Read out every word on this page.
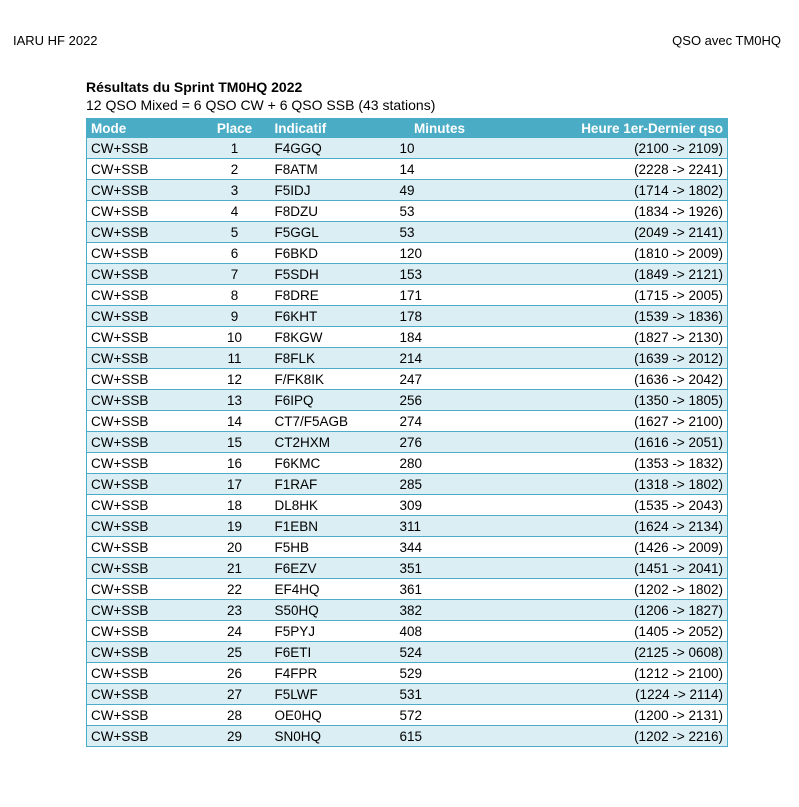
IARU HF 2022	QSO avec TM0HQ
Résultats du Sprint TM0HQ 2022
12 QSO Mixed = 6 QSO CW + 6 QSO SSB (43 stations)
Mode	Place	Indicatif	Minutes	Heure 1er-Dernier qso
CW+SSB	1	F4GGQ	10	(2100 -> 2109)
CW+SSB	2	F8ATM	14	(2228 -> 2241)
CW+SSB	3	F5IDJ	49	(1714 -> 1802)
CW+SSB	4	F8DZU	53	(1834 -> 1926)
CW+SSB	5	F5GGL	53	(2049 -> 2141)
CW+SSB	6	F6BKD	120	(1810 -> 2009)
CW+SSB	7	F5SDH	153	(1849 -> 2121)
CW+SSB	8	F8DRE	171	(1715 -> 2005)
CW+SSB	9	F6KHT	178	(1539 -> 1836)
CW+SSB	10	F8KGW	184	(1827 -> 2130)
CW+SSB	11	F8FLK	214	(1639 -> 2012)
CW+SSB	12	F/FK8IK	247	(1636 -> 2042)
CW+SSB	13	F6IPQ	256	(1350 -> 1805)
CW+SSB	14	CT7/F5AGB	274	(1627 -> 2100)
CW+SSB	15	CT2HXM	276	(1616 -> 2051)
CW+SSB	16	F6KMC	280	(1353 -> 1832)
CW+SSB	17	F1RAF	285	(1318 -> 1802)
CW+SSB	18	DL8HK	309	(1535 -> 2043)
CW+SSB	19	F1EBN	311	(1624 -> 2134)
CW+SSB	20	F5HB	344	(1426 -> 2009)
CW+SSB	21	F6EZV	351	(1451 -> 2041)
CW+SSB	22	EF4HQ	361	(1202 -> 1802)
CW+SSB	23	S50HQ	382	(1206 -> 1827)
CW+SSB	24	F5PYJ	408	(1405 -> 2052)
CW+SSB	25	F6ETI	524	(2125 -> 0608)
CW+SSB	26	F4FPR	529	(1212 -> 2100)
CW+SSB	27	F5LWF	531	(1224 -> 2114)
CW+SSB	28	OE0HQ	572	(1200 -> 2131)
CW+SSB	29	SN0HQ	615	(1202 -> 2216)
